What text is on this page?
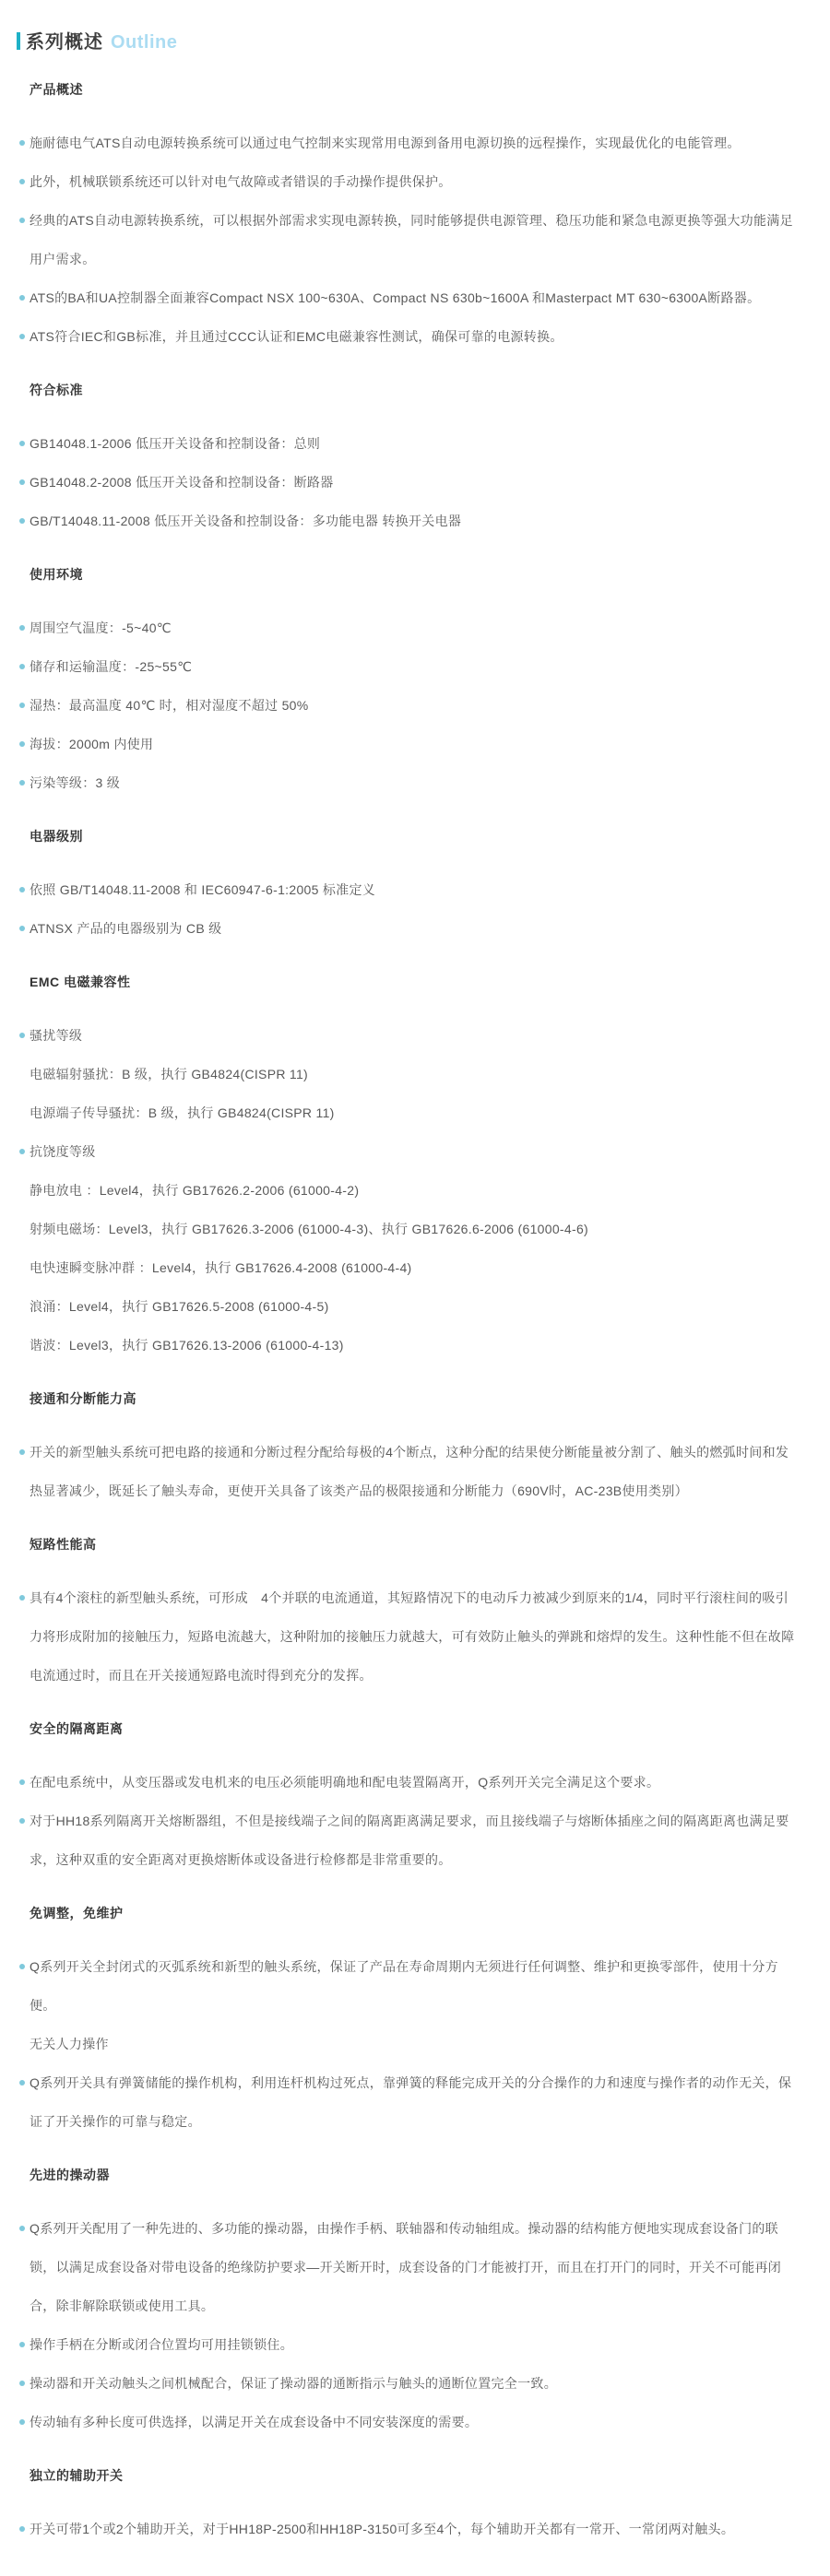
系列概述 Outline
产品概述

施耐德电气ATS自动电源转换系统可以通过电气控制来实现常用电源到备用电源切换的远程操作，实现最优化的电能管理。

此外，机械联锁系统还可以针对电气故障或者错误的手动操作提供保护。

经典的ATS自动电源转换系统，可以根据外部需求实现电源转换，同时能够提供电源管理、稳压功能和紧急电源更换等强大功能满足用户需求。

ATS的BA和UA控制器全面兼容Compact NSX 100~630A、Compact NS 630b~1600A 和Masterpact MT 630~6300A断路器。

ATS符合IEC和GB标准，并且通过CCC认证和EMC电磁兼容性测试，确保可靠的电源转换。

符合标准

GB14048.1-2006 低压开关设备和控制设备：总则

GB14048.2-2008 低压开关设备和控制设备：断路器

GB/T14048.11-2008 低压开关设备和控制设备：多功能电器 转换开关电器

使用环境

周围空气温度：-5~40℃

储存和运输温度：-25~55℃

湿热：最高温度 40℃ 时，相对湿度不超过 50%

海拔：2000m 内使用

污染等级：3 级

电器级别

依照 GB/T14048.11-2008 和 IEC60947-6-1:2005 标准定义

ATNSX 产品的电器级别为 CB 级

EMC 电磁兼容性

骚扰等级

电磁辐射骚扰：B 级，执行 GB4824(CISPR 11)

电源端子传导骚扰：B 级，执行 GB4824(CISPR 11)

抗饶度等级

静电放电 ：Level4，执行 GB17626.2-2006 (61000-4-2)

射频电磁场：Level3，执行 GB17626.3-2006 (61000-4-3)、执行 GB17626.6-2006 (61000-4-6)

电快速瞬变脉冲群 ：Level4，执行 GB17626.4-2008 (61000-4-4)

浪涌：Level4，执行 GB17626.5-2008 (61000-4-5)

谐波：Level3，执行 GB17626.13-2006 (61000-4-13)

接通和分断能力高

开关的新型触头系统可把电路的接通和分断过程分配给每极的4个断点，这种分配的结果使分断能量被分割了、触头的燃弧时间和发热显著减少，既延长了触头寿命，更使开关具备了该类产品的极限接通和分断能力（690V时，AC-23B使用类别）

短路性能高

具有4个滚柱的新型触头系统，可形成　4个并联的电流通道，其短路情况下的电动斥力被减少到原来的1/4，同时平行滚柱间的吸引力将形成附加的接触压力，短路电流越大，这种附加的接触压力就越大，可有效防止触头的弹跳和熔焊的发生。这种性能不但在故障电流通过时，而且在开关接通短路电流时得到充分的发挥。

安全的隔离距离

在配电系统中，从变压器或发电机来的电压必须能明确地和配电装置隔离开，Q系列开关完全满足这个要求。

对于HH18系列隔离开关熔断器组，不但是接线端子之间的隔离距离满足要求，而且接线端子与熔断体插座之间的隔离距离也满足要求，这种双重的安全距离对更换熔断体或设备进行检修都是非常重要的。

免调整，免维护

Q系列开关全封闭式的灭弧系统和新型的触头系统，保证了产品在寿命周期内无须进行任何调整、维护和更换零部件，使用十分方便。

无关人力操作

Q系列开关具有弹簧储能的操作机构，利用连杆机构过死点，靠弹簧的释能完成开关的分合操作的力和速度与操作者的动作无关，保证了开关操作的可靠与稳定。

先进的操动器

Q系列开关配用了一种先进的、多功能的操动器，由操作手柄、联轴器和传动轴组成。操动器的结构能方便地实现成套设备门的联锁，以满足成套设备对带电设备的绝缘防护要求—开关断开时，成套设备的门才能被打开，而且在打开门的同时，开关不可能再闭合，除非解除联锁或使用工具。

操作手柄在分断或闭合位置均可用挂锁锁住。

操动器和开关动触头之间机械配合，保证了操动器的通断指示与触头的通断位置完全一致。

传动轴有多种长度可供选择，以满足开关在成套设备中不同安装深度的需要。

独立的辅助开关

开关可带1个或2个辅助开关，对于HH18P-2500和HH18P-3150可多至4个，每个辅助开关都有一常开、一常闭两对触头。
